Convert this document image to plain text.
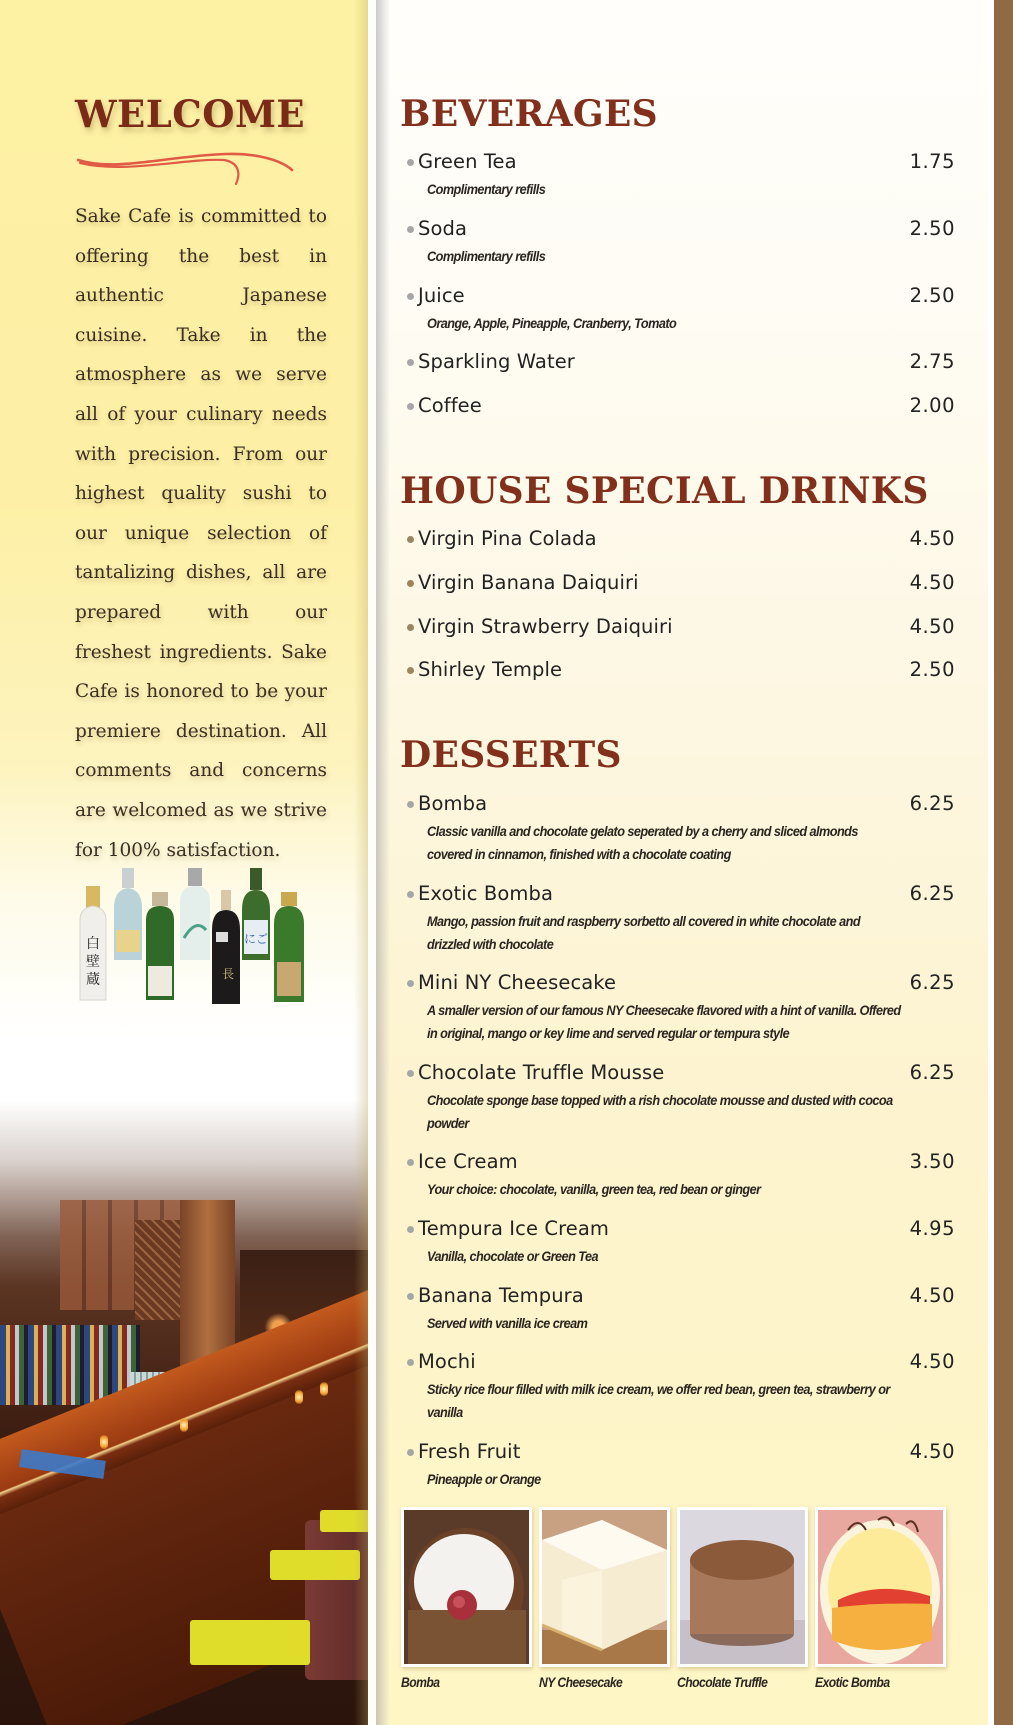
WELCOME

Sake Cafe is committed to offering the best in authentic Japanese cuisine. Take in the atmosphere as we serve all of your culinary needs with precision. From our highest quality sushi to our unique selection of tantalizing dishes, all are prepared with our freshest ingredients. Sake Cafe is honored to be your premiere destination. All comments and concerns are welcomed as we strive for 100% satisfaction.

白
壁
蔵	長
にご
BEVERAGES
Green Tea	1.75
Complimentary refills
Soda	2.50
Complimentary refills
Juice	2.50
Orange, Apple, Pineapple, Cranberry, Tomato
Sparkling Water	2.75
Coffee	2.00
HOUSE SPECIAL DRINKS
Virgin Pina Colada	4.50
Virgin Banana Daiquiri	4.50
Virgin Strawberry Daiquiri	4.50
Shirley Temple	2.50
DESSERTS
Bomba	6.25
Classic vanilla and chocolate gelato seperated by a cherry and sliced almonds covered in cinnamon, finished with a chocolate coating
Exotic Bomba	6.25
Mango, passion fruit and raspberry sorbetto all covered in white chocolate and drizzled with chocolate
Mini NY Cheesecake	6.25
A smaller version of our famous NY Cheesecake flavored with a hint of vanilla. Offered in original, mango or key lime and served regular or tempura style
Chocolate Truffle Mousse	6.25
Chocolate sponge base topped with a rish chocolate mousse and dusted with cocoa powder
Ice Cream	3.50
Your choice: chocolate, vanilla, green tea, red bean or ginger
Tempura Ice Cream	4.95
Vanilla, chocolate or Green Tea
Banana Tempura	4.50
Served with vanilla ice cream
Mochi	4.50
Sticky rice flour filled with milk ice cream, we offer red bean, green tea, strawberry or vanilla
Fresh Fruit	4.50
Pineapple or Orange
Bomba	NY Cheesecake	Chocolate Truffle	Exotic Bomba
